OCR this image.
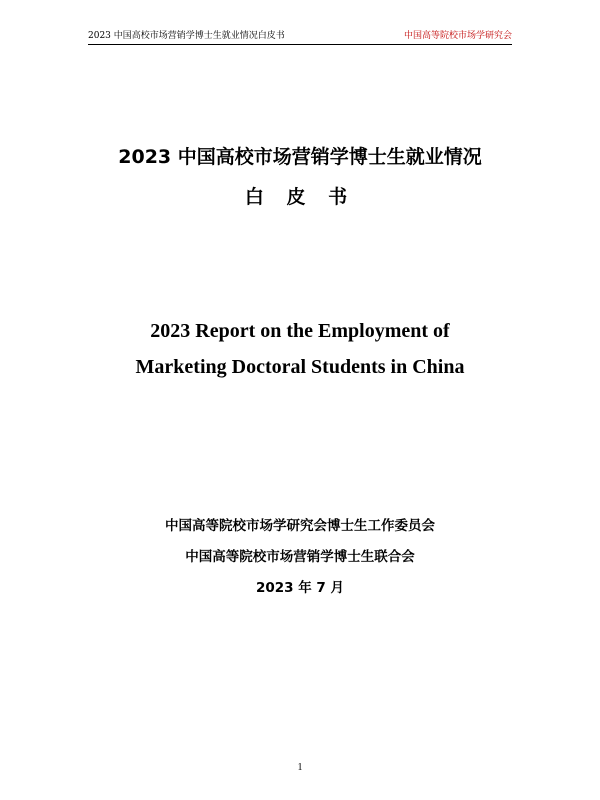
2023 中国高校市场营销学博士生就业情况白皮书	中国高等院校市场学研究会
2023 中国高校市场营销学博士生就业情况
白 皮 书
2023 Report on the Employment of
Marketing Doctoral Students in China
中国高等院校市场学研究会博士生工作委员会
中国高等院校市场营销学博士生联合会
2023 年 7 月
1
